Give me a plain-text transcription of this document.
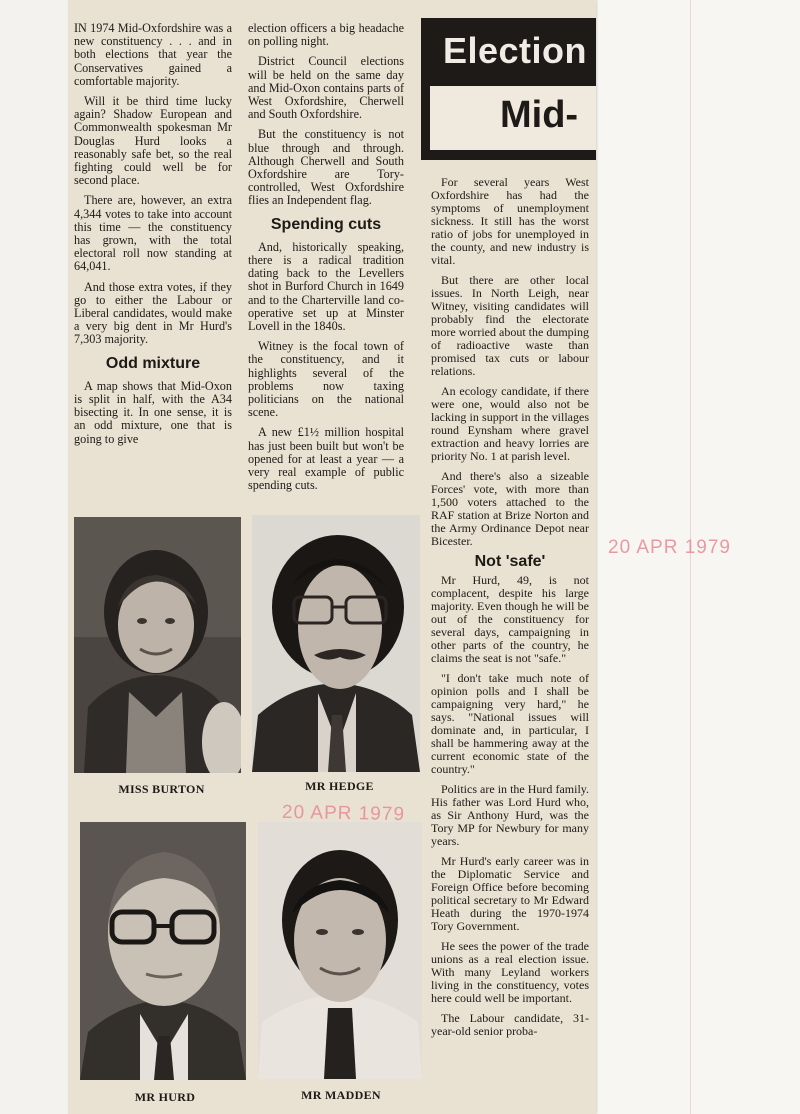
IN 1974 Mid-Oxfordshire was a new constituency . . . and in both elections that year the Conservatives gained a comfortable majority.

Will it be third time lucky again? Shadow European and Commonwealth spokesman Mr Douglas Hurd looks a reasonably safe bet, so the real fighting could well be for second place.

There are, however, an extra 4,344 votes to take into account this time — the constituency has grown, with the total electoral roll now standing at 64,041.

And those extra votes, if they go to either the Labour or Liberal candidates, would make a very big dent in Mr Hurd's 7,303 majority.

Odd mixture

A map shows that Mid-Oxon is split in half, with the A34 bisecting it. In one sense, it is an odd mixture, one that is going to give

election officers a big headache on polling night.

District Council elections will be held on the same day and Mid-Oxon contains parts of West Oxfordshire, Cherwell and South Oxfordshire.

But the constituency is not blue through and through. Although Cherwell and South Oxfordshire are Tory-controlled, West Oxfordshire flies an Independent flag.

Spending cuts

And, historically speaking, there is a radical tradition dating back to the Levellers shot in Burford Church in 1649 and to the Charterville land co-operative set up at Minster Lovell in the 1840s.

Witney is the focal town of the constituency, and it highlights several of the problems now taxing politicians on the national scene.

A new £1½ million hospital has just been built but won't be opened for at least a year — a very real example of public spending cuts.

Election
Mid-

For several years West Oxfordshire has had the symptoms of unemployment sickness. It still has the worst ratio of jobs for unemployed in the county, and new industry is vital.

But there are other local issues. In North Leigh, near Witney, visiting candidates will probably find the electorate more worried about the dumping of radioactive waste than promised tax cuts or labour relations.

An ecology candidate, if there were one, would also not be lacking in support in the villages round Eynsham where gravel extraction and heavy lorries are priority No. 1 at parish level.

And there's also a sizeable Forces' vote, with more than 1,500 voters attached to the RAF station at Brize Norton and the Army Ordinance Depot near Bicester.

Not 'safe'

Mr Hurd, 49, is not complacent, despite his large majority. Even though he will be out of the constituency for several days, campaigning in other parts of the country, he claims the seat is not "safe."

"I don't take much note of opinion polls and I shall be campaigning very hard," he says. "National issues will dominate and, in particular, I shall be hammering away at the current economic state of the country."

Politics are in the Hurd family. His father was Lord Hurd who, as Sir Anthony Hurd, was the Tory MP for Newbury for many years.

Mr Hurd's early career was in the Diplomatic Service and Foreign Office before becoming political secretary to Mr Edward Heath during the 1970-1974 Tory Government.

He sees the power of the trade unions as a real election issue. With many Leyland workers living in the constituency, votes here could well be important.

The Labour candidate, 31-year-old senior proba-

MISS BURTON	MR HEDGE
MR HURD	MR MADDEN
20 APR 1979
20 APR 1979
